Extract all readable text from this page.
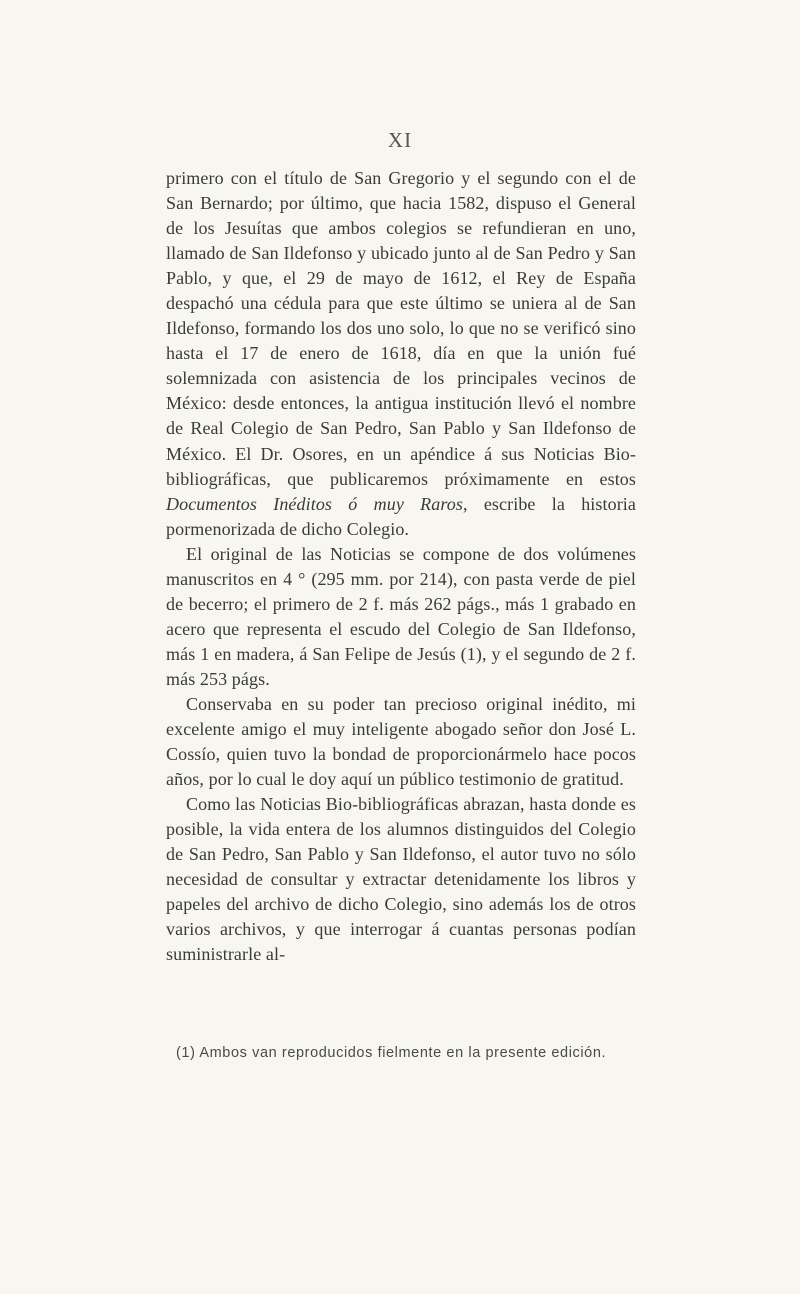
XI

primero con el título de San Gregorio y el segundo con el de San Bernardo; por último, que hacia 1582, dispuso el General de los Jesuítas que ambos colegios se refundieran en uno, llamado de San Ildefonso y ubicado junto al de San Pedro y San Pablo, y que, el 29 de mayo de 1612, el Rey de España despachó una cédula para que este último se uniera al de San Ildefonso, formando los dos uno solo, lo que no se verificó sino hasta el 17 de enero de 1618, día en que la unión fué solemnizada con asistencia de los principales vecinos de México: desde entonces, la antigua institución llevó el nombre de Real Colegio de San Pedro, San Pablo y San Ildefonso de México. El Dr. Osores, en un apéndice á sus Noticias Bio-bibliográficas, que publicaremos próximamente en estos Documentos Inéditos ó muy Raros, escribe la historia pormenorizada de dicho Colegio.

El original de las Noticias se compone de dos volúmenes manuscritos en 4 ° (295 mm. por 214), con pasta verde de piel de becerro; el primero de 2 f. más 262 págs., más 1 grabado en acero que representa el escudo del Colegio de San Ildefonso, más 1 en madera, á San Felipe de Jesús (1), y el segundo de 2 f. más 253 págs.

Conservaba en su poder tan precioso original inédito, mi excelente amigo el muy inteligente abogado señor don José L. Cossío, quien tuvo la bondad de proporcionármelo hace pocos años, por lo cual le doy aquí un público testimonio de gratitud.

Como las Noticias Bio-bibliográficas abrazan, hasta donde es posible, la vida entera de los alumnos distinguidos del Colegio de San Pedro, San Pablo y San Ildefonso, el autor tuvo no sólo necesidad de consultar y extractar detenidamente los libros y papeles del archivo de dicho Colegio, sino además los de otros varios archivos, y que interrogar á cuantas personas podían suministrarle al-

(1) Ambos van reproducidos fielmente en la presente edición.
